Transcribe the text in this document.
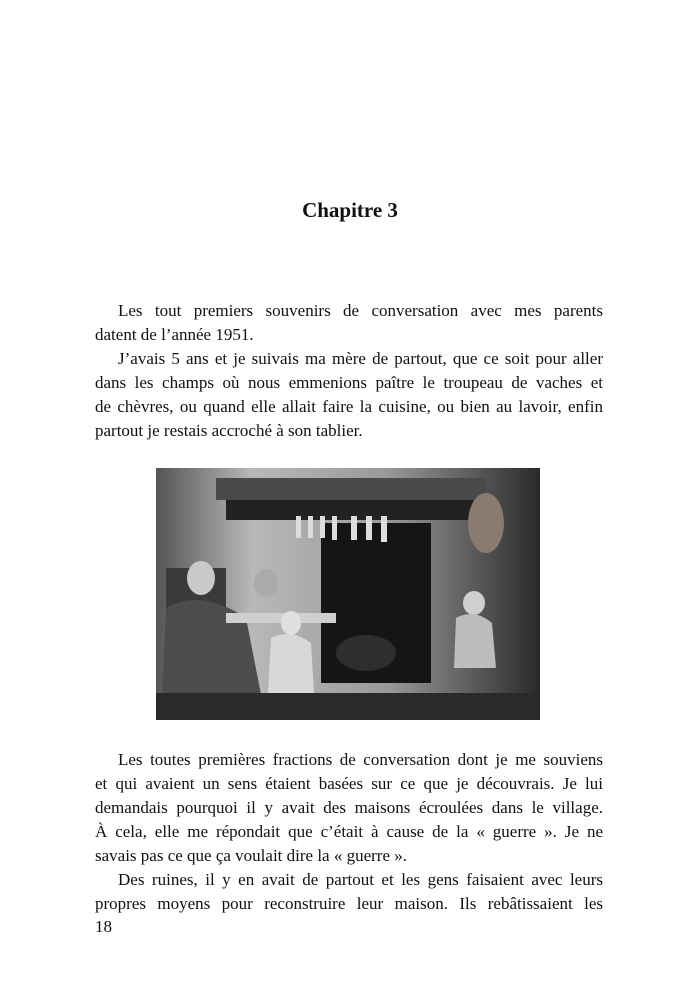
Chapitre 3
Les tout premiers souvenirs de conversation avec mes parents
datent de l’année 1951.
J’avais 5 ans et je suivais ma mère de partout, que ce soit pour aller
dans les champs où nous emmenions paître le troupeau de vaches et
de chèvres, ou quand elle allait faire la cuisine, ou bien au lavoir, enfin
partout je restais accroché à son tablier.
Les toutes premières fractions de conversation dont je me souviens
et qui avaient un sens étaient basées sur ce que je découvrais. Je lui
demandais pourquoi il y avait des maisons écroulées dans le village.
À cela, elle me répondait que c’était à cause de la « guerre ». Je ne
savais pas ce que ça voulait dire la « guerre ».
Des ruines, il y en avait de partout et les gens faisaient avec leurs
propres moyens pour reconstruire leur maison. Ils rebâtissaient les
18
